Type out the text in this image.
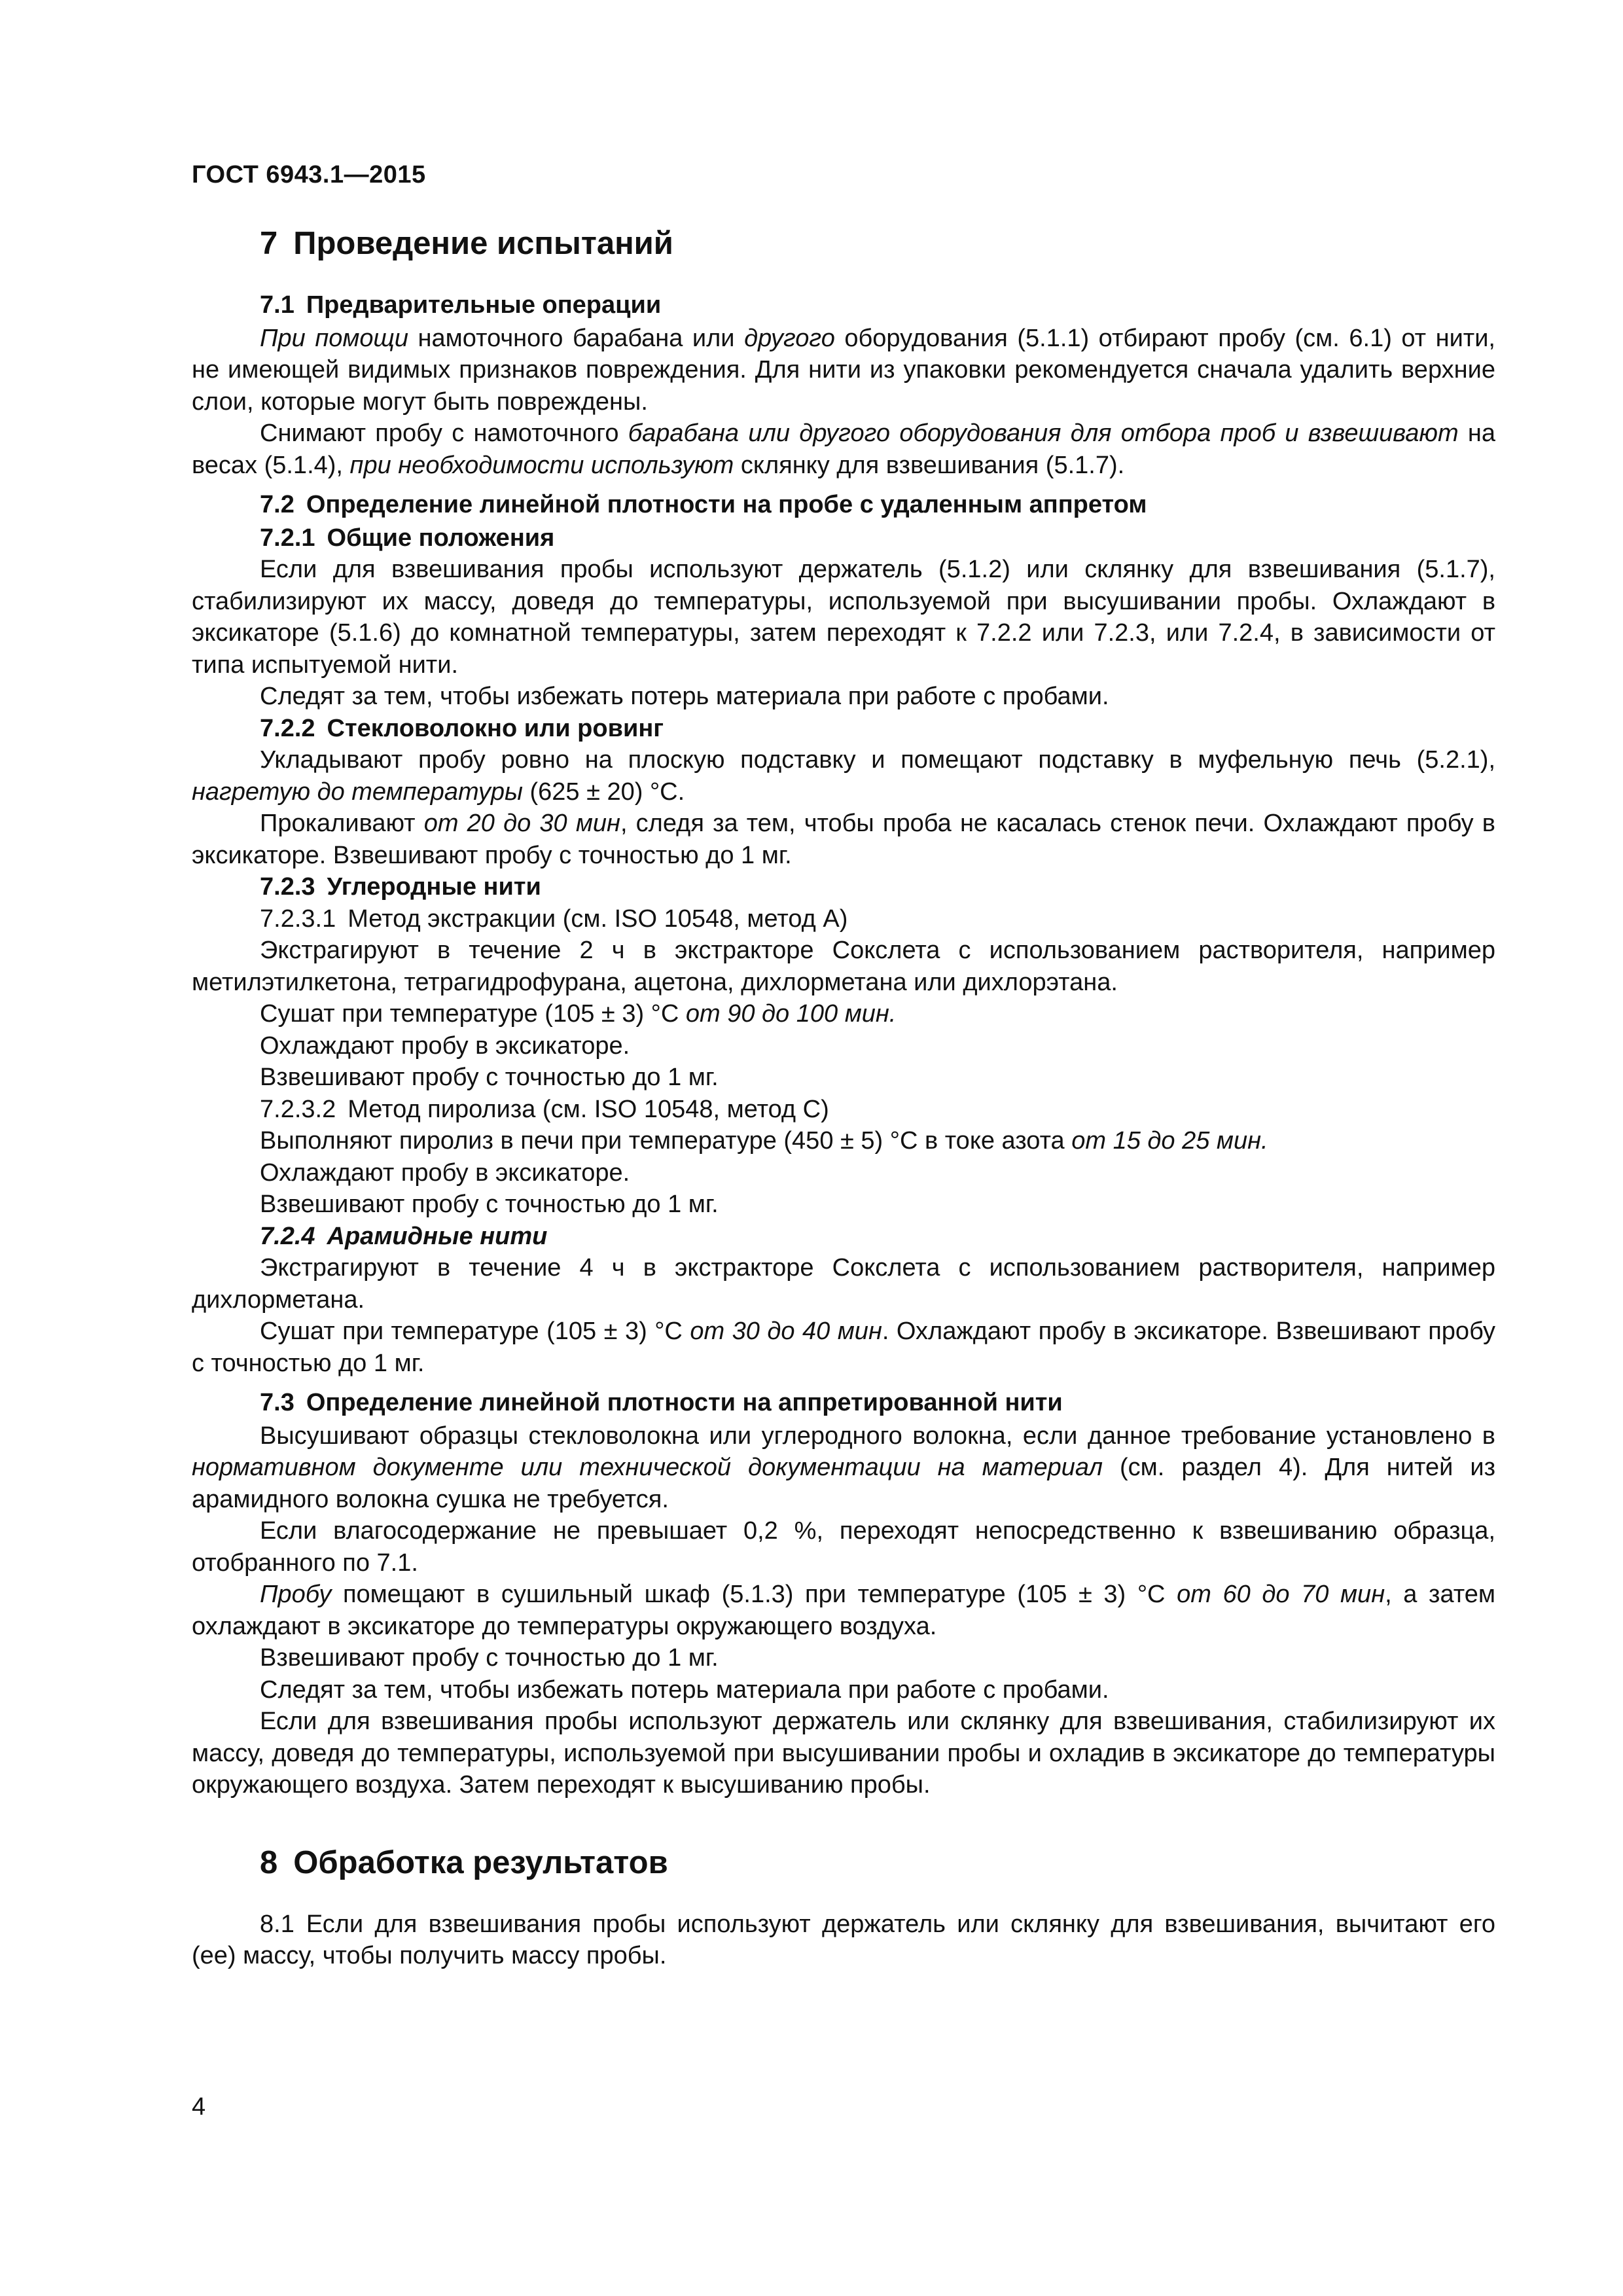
ГОСТ 6943.1—2015
7 Проведение испытаний
7.1 Предварительные операции
При помощи намоточного барабана или другого оборудования (5.1.1) отбирают пробу (см. 6.1) от нити, не имеющей видимых признаков повреждения. Для нити из упаковки рекомендуется сначала удалить верхние слои, которые могут быть повреждены.
Снимают пробу с намоточного барабана или другого оборудования для отбора проб и взвешивают на весах (5.1.4), при необходимости используют склянку для взвешивания (5.1.7).
7.2 Определение линейной плотности на пробе с удаленным аппретом
7.2.1 Общие положения
Если для взвешивания пробы используют держатель (5.1.2) или склянку для взвешивания (5.1.7), стабилизируют их массу, доведя до температуры, используемой при высушивании пробы. Охлаждают в эксикаторе (5.1.6) до комнатной температуры, затем переходят к 7.2.2 или 7.2.3, или 7.2.4, в зависимости от типа испытуемой нити.
Следят за тем, чтобы избежать потерь материала при работе с пробами.
7.2.2 Стекловолокно или ровинг
Укладывают пробу ровно на плоскую подставку и помещают подставку в муфельную печь (5.2.1), нагретую до температуры (625 ± 20) °С.
Прокаливают от 20 до 30 мин, следя за тем, чтобы проба не касалась стенок печи. Охлаждают пробу в эксикаторе. Взвешивают пробу с точностью до 1 мг.
7.2.3 Углеродные нити
7.2.3.1 Метод экстракции (см. ISO 10548, метод А)
Экстрагируют в течение 2 ч в экстракторе Сокслета с использованием растворителя, например метилэтилкетона, тетрагидрофурана, ацетона, дихлорметана или дихлорэтана.
Сушат при температуре (105 ± 3) °С от 90 до 100 мин.
Охлаждают пробу в эксикаторе.
Взвешивают пробу с точностью до 1 мг.
7.2.3.2 Метод пиролиза (см. ISO 10548, метод С)
Выполняют пиролиз в печи при температуре (450 ± 5) °С в токе азота от 15 до 25 мин.
Охлаждают пробу в эксикаторе.
Взвешивают пробу с точностью до 1 мг.
7.2.4 Арамидные нити
Экстрагируют в течение 4 ч в экстракторе Сокслета с использованием растворителя, например дихлорметана.
Сушат при температуре (105 ± 3) °С от 30 до 40 мин. Охлаждают пробу в эксикаторе. Взвешивают пробу с точностью до 1 мг.
7.3 Определение линейной плотности на аппретированной нити
Высушивают образцы стекловолокна или углеродного волокна, если данное требование установлено в нормативном документе или технической документации на материал (см. раздел 4). Для нитей из арамидного волокна сушка не требуется.
Если влагосодержание не превышает 0,2 %, переходят непосредственно к взвешиванию образца, отобранного по 7.1.
Пробу помещают в сушильный шкаф (5.1.3) при температуре (105 ± 3) °С от 60 до 70 мин, а затем охлаждают в эксикаторе до температуры окружающего воздуха.
Взвешивают пробу с точностью до 1 мг.
Следят за тем, чтобы избежать потерь материала при работе с пробами.
Если для взвешивания пробы используют держатель или склянку для взвешивания, стабилизируют их массу, доведя до температуры, используемой при высушивании пробы и охладив в эксикаторе до температуры окружающего воздуха. Затем переходят к высушиванию пробы.
8 Обработка результатов
8.1 Если для взвешивания пробы используют держатель или склянку для взвешивания, вычитают его (ее) массу, чтобы получить массу пробы.
4
